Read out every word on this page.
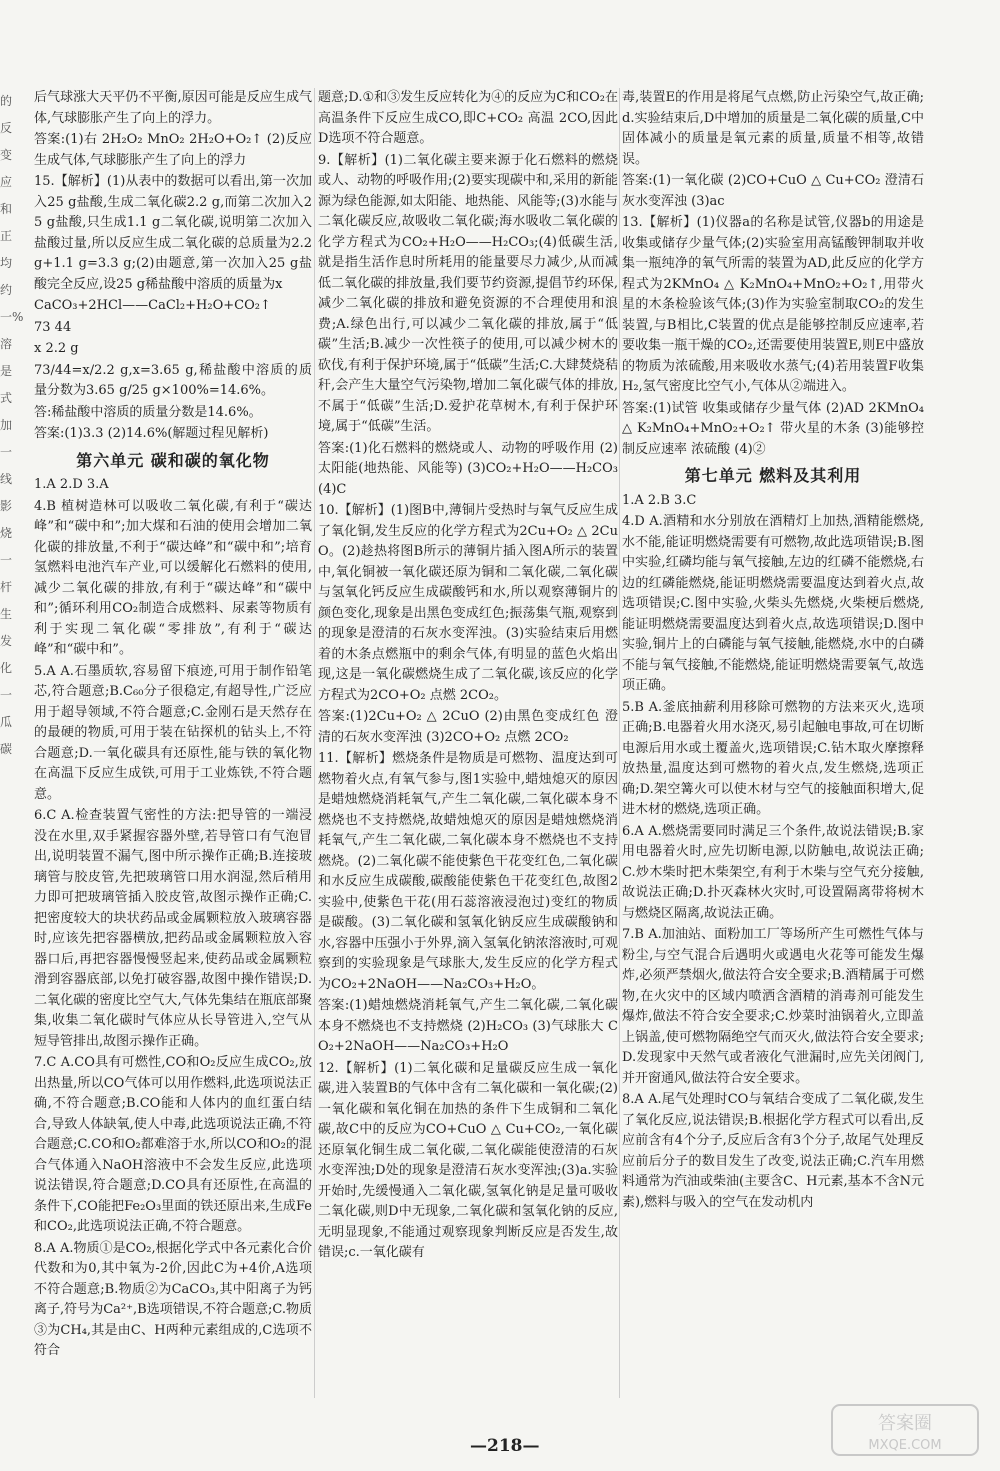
的反变应和正均约一%溶是式加一线影烧一杆生发化一瓜碳

后气球涨大天平仍不平衡,原因可能是反应生成气体,气球膨胀产生了向上的浮力。

答案:(1)右 2H₂O₂ MnO₂ 2H₂O+O₂↑ (2)反应生成气体,气球膨胀产生了向上的浮力

15.【解析】(1)从表中的数据可以看出,第一次加入25 g盐酸,生成二氧化碳2.2 g,而第二次加入25 g盐酸,只生成1.1 g二氧化碳,说明第二次加入盐酸过量,所以反应生成二氧化碳的总质量为2.2 g+1.1 g=3.3 g;(2)由题意,第一次加入25 g盐酸完全反应,设25 g稀盐酸中溶质的质量为x

CaCO₃+2HCl——CaCl₂+H₂O+CO₂↑

73 44

x 2.2 g

73/44=x/2.2 g,x=3.65 g,稀盐酸中溶质的质量分数为3.65 g/25 g×100%=14.6%。

答:稀盐酸中溶质的质量分数是14.6%。

答案:(1)3.3 (2)14.6%(解题过程见解析)

第六单元 碳和碳的氧化物

1.A 2.D 3.A

4.B 植树造林可以吸收二氧化碳,有利于“碳达峰”和“碳中和”;加大煤和石油的使用会增加二氧化碳的排放量,不利于“碳达峰”和“碳中和”;培育氢燃料电池汽车产业,可以缓解化石燃料的使用,减少二氧化碳的排放,有利于“碳达峰”和“碳中和”;循环利用CO₂制造合成燃料、尿素等物质有利于实现二氧化碳“零排放”,有利于“碳达峰”和“碳中和”。

5.A A.石墨质软,容易留下痕迹,可用于制作铅笔芯,符合题意;B.C₆₀分子很稳定,有超导性,广泛应用于超导领域,不符合题意;C.金刚石是天然存在的最硬的物质,可用于装在钻探机的钻头上,不符合题意;D.一氧化碳具有还原性,能与铁的氧化物在高温下反应生成铁,可用于工业炼铁,不符合题意。

6.C A.检查装置气密性的方法:把导管的一端浸没在水里,双手紧握容器外壁,若导管口有气泡冒出,说明装置不漏气,图中所示操作正确;B.连接玻璃管与胶皮管,先把玻璃管口用水润湿,然后稍用力即可把玻璃管插入胶皮管,故图示操作正确;C.把密度较大的块状药品或金属颗粒放入玻璃容器时,应该先把容器横放,把药品或金属颗粒放入容器口后,再把容器慢慢竖起来,使药品或金属颗粒滑到容器底部,以免打破容器,故图中操作错误;D.二氧化碳的密度比空气大,气体先集结在瓶底部聚集,收集二氧化碳时气体应从长导管进入,空气从短导管排出,故图示操作正确。

7.C A.CO具有可燃性,CO和O₂反应生成CO₂,放出热量,所以CO气体可以用作燃料,此选项说法正确,不符合题意;B.CO能和人体内的血红蛋白结合,导致人体缺氧,使人中毒,此选项说法正确,不符合题意;C.CO和O₂都难溶于水,所以CO和O₂的混合气体通入NaOH溶液中不会发生反应,此选项说法错误,符合题意;D.CO具有还原性,在高温的条件下,CO能把Fe₂O₃里面的铁还原出来,生成Fe和CO₂,此选项说法正确,不符合题意。

8.A A.物质①是CO₂,根据化学式中各元素化合价代数和为0,其中氧为-2价,因此C为+4价,A选项不符合题意;B.物质②为CaCO₃,其中阳离子为钙离子,符号为Ca²⁺,B选项错误,不符合题意;C.物质③为CH₄,其是由C、H两种元素组成的,C选项不符合

题意;D.①和③发生反应转化为④的反应为C和CO₂在高温条件下反应生成CO,即C+CO₂ 高温 2CO,因此D选项不符合题意。

9.【解析】(1)二氧化碳主要来源于化石燃料的燃烧或人、动物的呼吸作用;(2)要实现碳中和,采用的新能源为绿色能源,如太阳能、地热能、风能等;(3)水能与二氧化碳反应,故吸收二氧化碳;海水吸收二氧化碳的化学方程式为CO₂+H₂O——H₂CO₃;(4)低碳生活,就是指生活作息时所耗用的能量要尽力减少,从而减低二氧化碳的排放量,我们要节约资源,提倡节约环保,减少二氧化碳的排放和避免资源的不合理使用和浪费;A.绿色出行,可以减少二氧化碳的排放,属于“低碳”生活;B.减少一次性筷子的使用,可以减少树木的砍伐,有利于保护环境,属于“低碳”生活;C.大肆焚烧秸秆,会产生大量空气污染物,增加二氧化碳气体的排放,不属于“低碳”生活;D.爱护花草树木,有利于保护环境,属于“低碳”生活。

答案:(1)化石燃料的燃烧或人、动物的呼吸作用 (2)太阳能(地热能、风能等) (3)CO₂+H₂O——H₂CO₃ (4)C

10.【解析】(1)图B中,薄铜片受热时与氧气反应生成了氧化铜,发生反应的化学方程式为2Cu+O₂ △ 2CuO。(2)趁热将图B所示的薄铜片插入图A所示的装置中,氧化铜被一氧化碳还原为铜和二氧化碳,二氧化碳与氢氧化钙反应生成碳酸钙和水,所以观察薄铜片的颜色变化,现象是出黑色变成红色;振荡集气瓶,观察到的现象是澄清的石灰水变浑浊。(3)实验结束后用燃着的木条点燃瓶中的剩余气体,有明显的蓝色火焰出现,这是一氧化碳燃烧生成了二氧化碳,该反应的化学方程式为2CO+O₂ 点燃 2CO₂。

答案:(1)2Cu+O₂ △ 2CuO (2)由黑色变成红色 澄清的石灰水变浑浊 (3)2CO+O₂ 点燃 2CO₂

11.【解析】燃烧条件是物质是可燃物、温度达到可燃物着火点,有氧气参与,图1实验中,蜡烛熄灭的原因是蜡烛燃烧消耗氧气,产生二氧化碳,二氧化碳本身不燃烧也不支持燃烧,故蜡烛熄灭的原因是蜡烛燃烧消耗氧气,产生二氧化碳,二氧化碳本身不燃烧也不支持燃烧。(2)二氧化碳不能使紫色干花变红色,二氧化碳和水反应生成碳酸,碳酸能使紫色干花变红色,故图2实验中,使紫色干花(用石蕊溶液浸泡过)变红的物质是碳酸。(3)二氧化碳和氢氧化钠反应生成碳酸钠和水,容器中压强小于外界,滴入氢氧化钠浓溶液时,可观察到的实验现象是气球胀大,发生反应的化学方程式为CO₂+2NaOH——Na₂CO₃+H₂O。

答案:(1)蜡烛燃烧消耗氧气,产生二氧化碳,二氧化碳本身不燃烧也不支持燃烧 (2)H₂CO₃ (3)气球胀大 CO₂+2NaOH——Na₂CO₃+H₂O

12.【解析】(1)二氧化碳和足量碳反应生成一氧化碳,进入装置B的气体中含有二氧化碳和一氧化碳;(2)一氧化碳和氧化铜在加热的条件下生成铜和二氧化碳,故C中的反应为CO+CuO △ Cu+CO₂,一氧化碳还原氧化铜生成二氧化碳,二氧化碳能使澄清的石灰水变浑浊;D处的现象是澄清石灰水变浑浊;(3)a.实验开始时,先缓慢通入二氧化碳,氢氧化钠是足量可吸收二氧化碳,则D中无现象,二氧化碳和氢氧化钠的反应,无明显现象,不能通过观察现象判断反应是否发生,故错误;c.一氧化碳有

毒,装置E的作用是将尾气点燃,防止污染空气,故正确;d.实验结束后,D中增加的质量是二氧化碳的质量,C中固体减小的质量是氧元素的质量,质量不相等,故错误。

答案:(1)一氧化碳 (2)CO+CuO △ Cu+CO₂ 澄清石灰水变浑浊 (3)ac

13.【解析】(1)仪器a的名称是试管,仪器b的用途是收集或储存少量气体;(2)实验室用高锰酸钾制取并收集一瓶纯净的氧气所需的装置为AD,此反应的化学方程式为2KMnO₄ △ K₂MnO₄+MnO₂+O₂↑,用带火星的木条检验该气体;(3)作为实验室制取CO₂的发生装置,与B相比,C装置的优点是能够控制反应速率,若要收集一瓶干燥的CO₂,还需要使用装置E,则E中盛放的物质为浓硫酸,用来吸收水蒸气;(4)若用装置F收集H₂,氢气密度比空气小,气体从②端进入。

答案:(1)试管 收集或储存少量气体 (2)AD 2KMnO₄ △ K₂MnO₄+MnO₂+O₂↑ 带火星的木条 (3)能够控制反应速率 浓硫酸 (4)②

第七单元 燃料及其利用

1.A 2.B 3.C

4.D A.酒精和水分别放在酒精灯上加热,酒精能燃烧,水不能,能证明燃烧需要有可燃物,故此选项错误;B.图中实验,红磷均能与氧气接触,左边的红磷不能燃烧,右边的红磷能燃烧,能证明燃烧需要温度达到着火点,故选项错误;C.图中实验,火柴头先燃烧,火柴梗后燃烧,能证明燃烧需要温度达到着火点,故选项错误;D.图中实验,铜片上的白磷能与氧气接触,能燃烧,水中的白磷不能与氧气接触,不能燃烧,能证明燃烧需要氧气,故选项正确。

5.B A.釜底抽薪利用移除可燃物的方法来灭火,选项正确;B.电器着火用水浇灭,易引起触电事故,可在切断电源后用水或土覆盖火,选项错误;C.钻木取火摩擦释放热量,温度达到可燃物的着火点,发生燃烧,选项正确;D.架空篝火可以使木材与空气的接触面积增大,促进木材的燃烧,选项正确。

6.A A.燃烧需要同时满足三个条件,故说法错误;B.家用电器着火时,应先切断电源,以防触电,故说法正确;C.炒木柴时把木柴架空,有利于木柴与空气充分接触,故说法正确;D.扑灭森林火灾时,可设置隔离带将树木与燃烧区隔离,故说法正确。

7.B A.加油站、面粉加工厂等场所产生可燃性气体与粉尘,与空气混合后遇明火或遇电火花等可能发生爆炸,必须严禁烟火,做法符合安全要求;B.酒精属于可燃物,在火灾中的区域内喷洒含酒精的消毒剂可能发生爆炸,做法不符合安全要求;C.炒菜时油锅着火,立即盖上锅盖,使可燃物隔绝空气而灭火,做法符合安全要求;D.发现家中天然气或者液化气泄漏时,应先关闭阀门,并开窗通风,做法符合安全要求。

8.A A.尾气处理时CO与氧结合变成了二氧化碳,发生了氧化反应,说法错误;B.根据化学方程式可以看出,反应前含有4个分子,反应后含有3个分子,故尾气处理反应前后分子的数目发生了改变,说法正确;C.汽车用燃料通常为汽油或柴油(主要含C、H元素,基本不含N元素),燃料与吸入的空气在发动机内

—218—
答案圈
MXQE.COM
